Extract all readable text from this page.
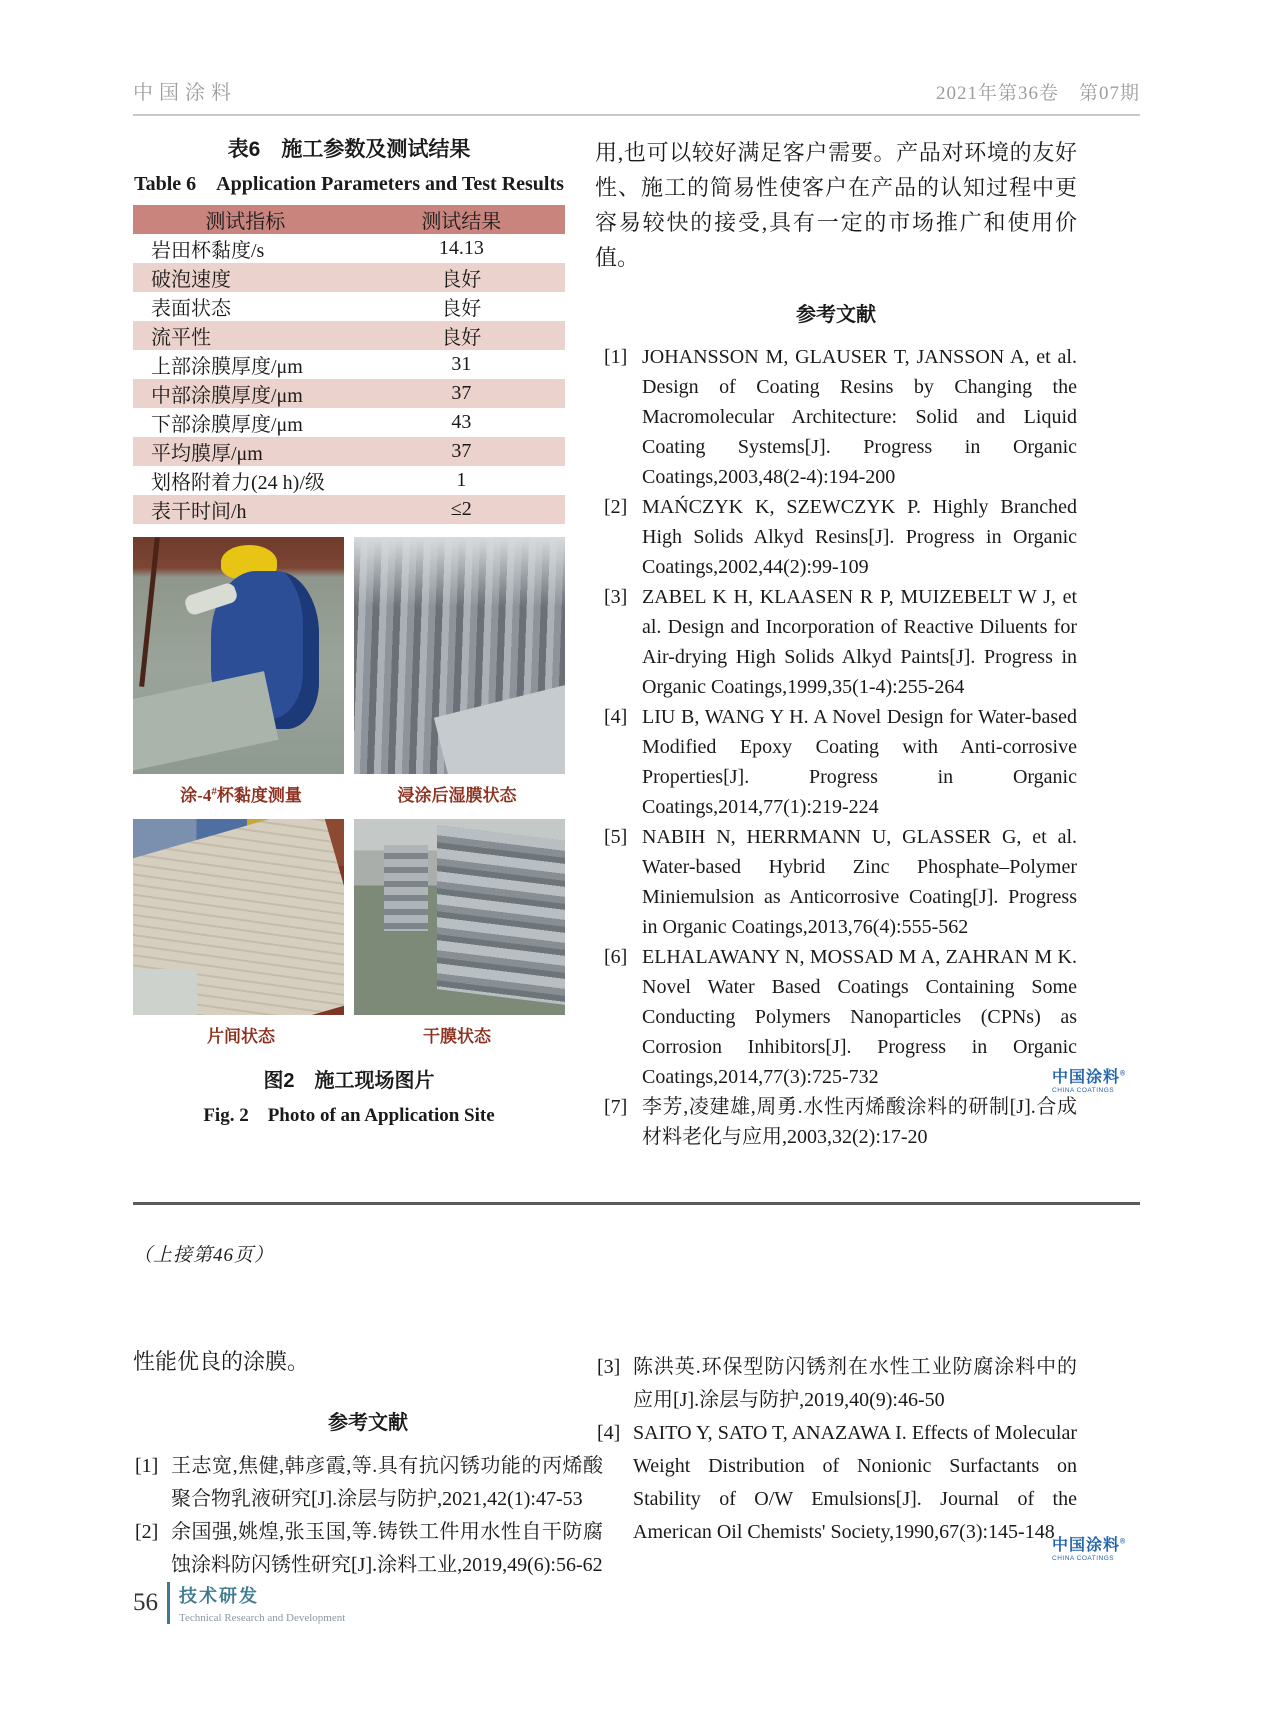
中国涂料	2021年第36卷　第07期
表6　施工参数及测试结果
Table 6　Application Parameters and Test Results
测试指标	测试结果
岩田杯黏度/s	14.13
破泡速度	良好
表面状态	良好
流平性	良好
上部涂膜厚度/μm	31
中部涂膜厚度/μm	37
下部涂膜厚度/μm	43
平均膜厚/μm	37
划格附着力(24 h)/级	1
表干时间/h	≤2
涂-4#杯黏度测量	浸涂后湿膜状态
片间状态	干膜状态
图2　施工现场图片
Fig. 2　Photo of an Application Site

用,也可以较好满足客户需要。产品对环境的友好性、施工的简易性使客户在产品的认知过程中更容易较快的接受,具有一定的市场推广和使用价值。

参考文献
[1] JOHANSSON M, GLAUSER T, JANSSON A, et al. Design of Coating Resins by Changing the Macromolecular Architecture: Solid and Liquid Coating Systems[J]. Progress in Organic Coatings,2003,48(2-4):194-200
[2] MAŃCZYK K, SZEWCZYK P. Highly Branched High Solids Alkyd Resins[J]. Progress in Organic Coatings,2002,44(2):99-109
[3] ZABEL K H, KLAASEN R P, MUIZEBELT W J, et al. Design and Incorporation of Reactive Diluents for Air-drying High Solids Alkyd Paints[J]. Progress in Organic Coatings,1999,35(1-4):255-264
[4] LIU B, WANG Y H. A Novel Design for Water-based Modified Epoxy Coating with Anti-corrosive Properties[J]. Progress in Organic Coatings,2014,77(1):219-224
[5] NABIH N, HERRMANN U, GLASSER G, et al. Water-based Hybrid Zinc Phosphate–Polymer Miniemulsion as Anticorrosive Coating[J]. Progress in Organic Coatings,2013,76(4):555-562
[6] ELHALAWANY N, MOSSAD M A, ZAHRAN M K. Novel Water Based Coatings Containing Some Conducting Polymers Nanoparticles (CPNs) as Corrosion Inhibitors[J]. Progress in Organic Coatings,2014,77(3):725-732
[7] 李芳,凌建雄,周勇.水性丙烯酸涂料的研制[J].合成材料老化与应用,2003,32(2):17-20
中国涂料®
CHINA COATINGS
（上接第46页）

性能优良的涂膜。

参考文献
[1] 王志宽,焦健,韩彦霞,等.具有抗闪锈功能的丙烯酸聚合物乳液研究[J].涂层与防护,2021,42(1):47-53
[2] 余国强,姚煌,张玉国,等.铸铁工件用水性自干防腐蚀涂料防闪锈性研究[J].涂料工业,2019,49(6):56-62
[3] 陈洪英.环保型防闪锈剂在水性工业防腐涂料中的应用[J].涂层与防护,2019,40(9):46-50
[4] SAITO Y, SATO T, ANAZAWA I. Effects of Molecular Weight Distribution of Nonionic Surfactants on Stability of O/W Emulsions[J]. Journal of the American Oil Chemists' Society,1990,67(3):145-148
中国涂料®
CHINA COATINGS
56 技术研发
Technical Research and Development
